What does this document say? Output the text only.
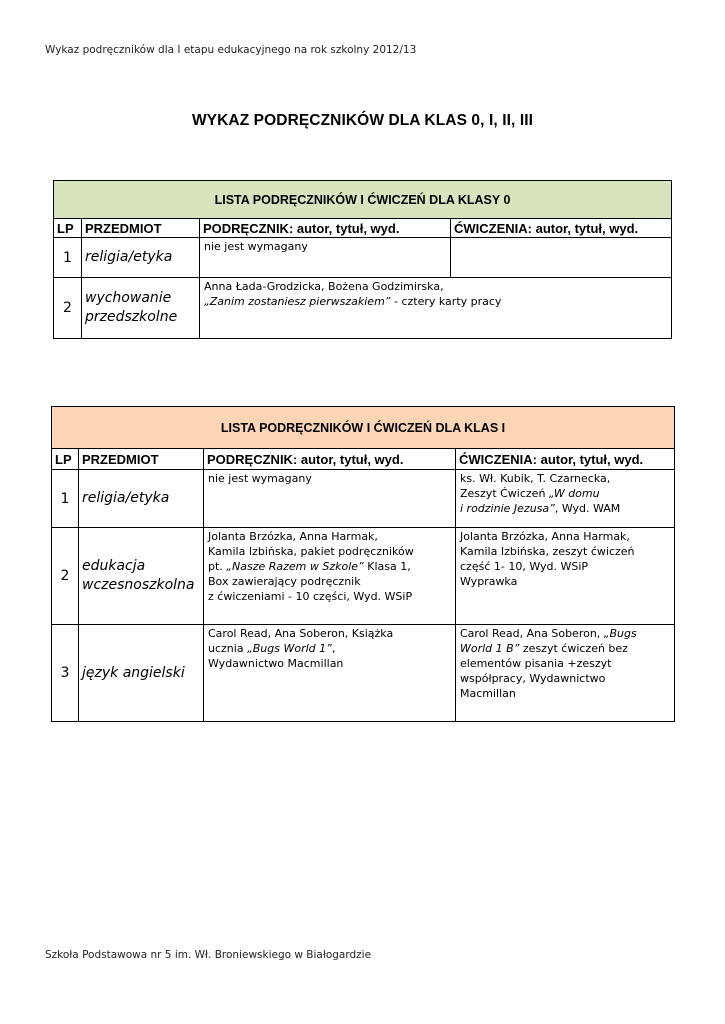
Wykaz podręczników dla I etapu edukacyjnego na rok szkolny 2012/13
WYKAZ PODRĘCZNIKÓW DLA KLAS 0, I, II, III
LISTA PODRĘCZNIKÓW I ĆWICZEŃ DLA KLASY 0			
LP	PRZEDMIOT	PODRĘCZNIK: autor, tytuł, wyd.	ĆWICZENIA: autor, tytuł, wyd.
1	religia/etyka	nie jest wymagany	

2	wychowanie
przedszkolne	Anna Łada-Grodzicka, Bożena Godzimirska,
„Zanim zostaniesz pierwszakiem” - cztery karty pracy	
LISTA PODRĘCZNIKÓW I ĆWICZEŃ DLA KLAS I			
LP	PRZEDMIOT	PODRĘCZNIK: autor, tytuł, wyd.	ĆWICZENIA: autor, tytuł, wyd.
1	religia/etyka	nie jest wymagany	ks. Wł. Kubik, T. Czarnecka,
Zeszyt Ćwiczeń „W domu
i rodzinie Jezusa”, Wyd. WAM

2	edukacja
wczesnoszkolna	Jolanta Brzózka, Anna Harmak,
Kamila Izbińska, pakiet podręczników
pt. „Nasze Razem w Szkole” Klasa 1,
Box zawierający podręcznik
z ćwiczeniami - 10 części, Wyd. WSiP	Jolanta Brzózka, Anna Harmak,
Kamila Izbińska, zeszyt ćwiczeń
część 1- 10, Wyd. WSiP
Wyprawka

3	język angielski	Carol Read, Ana Soberon, Książka
ucznia „Bugs World 1”,
Wydawnictwo Macmillan	Carol Read, Ana Soberon, „Bugs
World 1 B” zeszyt ćwiczeń bez
elementów pisania +zeszyt
współpracy, Wydawnictwo
Macmillan
Szkoła Podstawowa nr 5 im. Wł. Broniewskiego w Białogardzie
